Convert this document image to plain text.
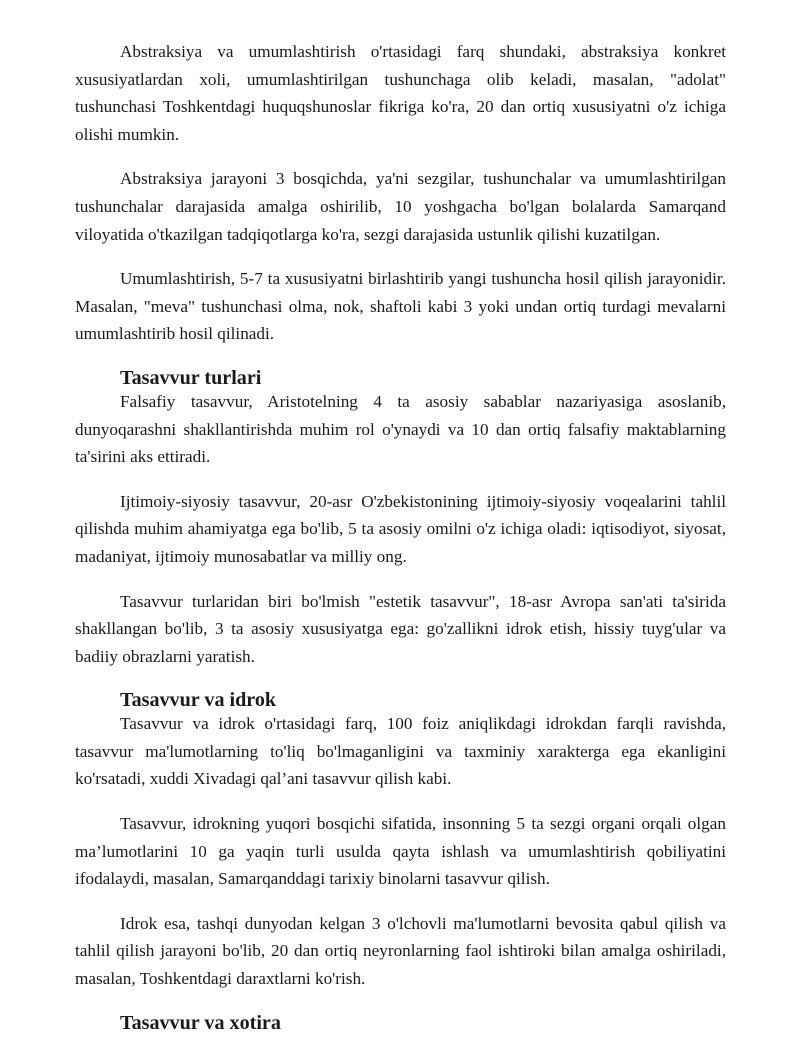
Abstraksiya va umumlashtirish o'rtasidagi farq shundaki, abstraksiya konkret xususiyatlardan xoli, umumlashtirilgan tushunchaga olib keladi, masalan, "adolat" tushunchasi Toshkentdagi huquqshunoslar fikriga ko'ra, 20 dan ortiq xususiyatni o'z ichiga olishi mumkin.

Abstraksiya jarayoni 3 bosqichda, ya'ni sezgilar, tushunchalar va umumlashtirilgan tushunchalar darajasida amalga oshirilib, 10 yoshgacha bo'lgan bolalarda Samarqand viloyatida o'tkazilgan tadqiqotlarga ko'ra, sezgi darajasida ustunlik qilishi kuzatilgan.

Umumlashtirish, 5-7 ta xususiyatni birlashtirib yangi tushuncha hosil qilish jarayonidir. Masalan, "meva" tushunchasi olma, nok, shaftoli kabi 3 yoki undan ortiq turdagi mevalarni umumlashtirib hosil qilinadi.

Tasavvur turlari

Falsafiy tasavvur, Aristotelning 4 ta asosiy sabablar nazariyasiga asoslanib, dunyoqarashni shakllantirishda muhim rol o'ynaydi va 10 dan ortiq falsafiy maktablarning ta'sirini aks ettiradi.

Ijtimoiy-siyosiy tasavvur, 20-asr O'zbekistonining ijtimoiy-siyosiy voqealarini tahlil qilishda muhim ahamiyatga ega bo'lib, 5 ta asosiy omilni o'z ichiga oladi: iqtisodiyot, siyosat, madaniyat, ijtimoiy munosabatlar va milliy ong.

Tasavvur turlaridan biri bo'lmish "estetik tasavvur", 18-asr Avropa san'ati ta'sirida shakllangan bo'lib, 3 ta asosiy xususiyatga ega: go'zallikni idrok etish, hissiy tuyg'ular va badiiy obrazlarni yaratish.

Tasavvur va idrok

Tasavvur va idrok o'rtasidagi farq, 100 foiz aniqlikdagi idrokdan farqli ravishda, tasavvur ma'lumotlarning to'liq bo'lmaganligini va taxminiy xarakterga ega ekanligini ko'rsatadi, xuddi Xivadagi qal’ani tasavvur qilish kabi.

Tasavvur, idrokning yuqori bosqichi sifatida, insonning 5 ta sezgi organi orqali olgan ma’lumotlarini 10 ga yaqin turli usulda qayta ishlash va umumlashtirish qobiliyatini ifodalaydi, masalan, Samarqanddagi tarixiy binolarni tasavvur qilish.

Idrok esa, tashqi dunyodan kelgan 3 o'lchovli ma'lumotlarni bevosita qabul qilish va tahlil qilish jarayoni bo'lib, 20 dan ortiq neyronlarning faol ishtiroki bilan amalga oshiriladi, masalan, Toshkentdagi daraxtlarni ko'rish.

Tasavvur va xotira
